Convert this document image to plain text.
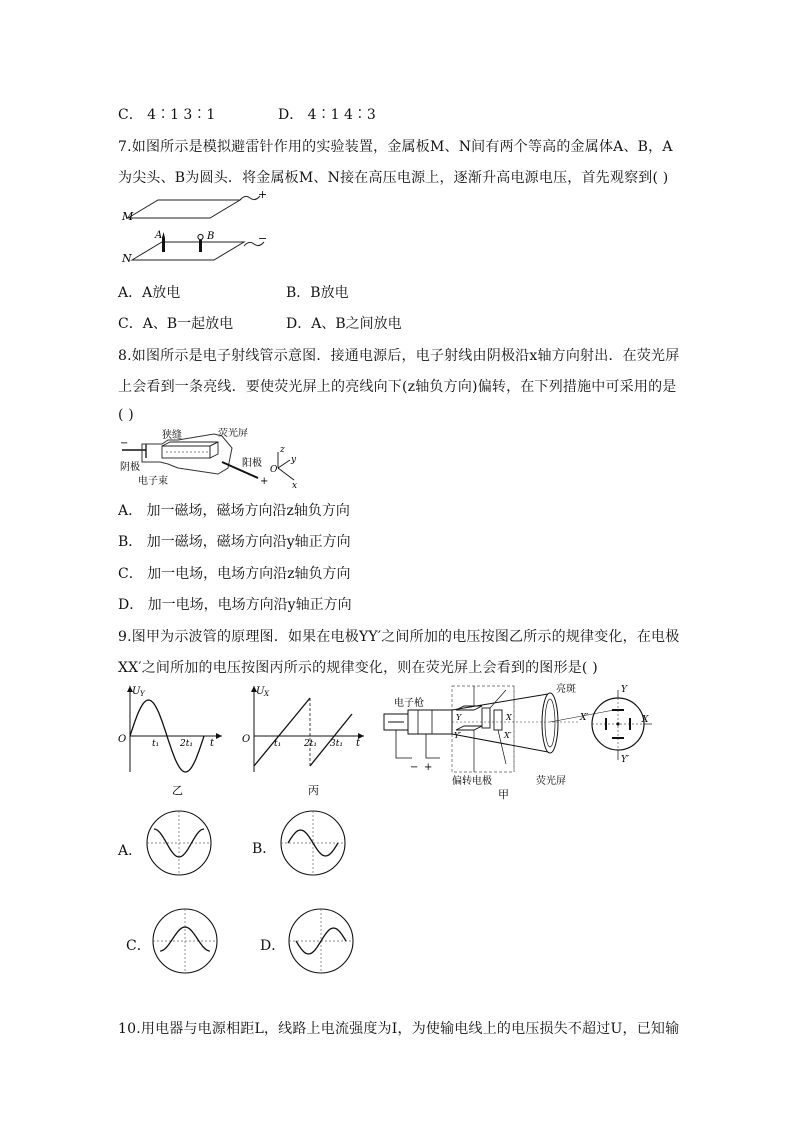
C． 4∶1 3∶1	D． 4∶1 4∶3
7.如图所示是模拟避雷针作用的实验装置，金属板M、N间有两个等高的金属体A、B，A
为尖头、B为圆头．将金属板M、N接在高压电源上，逐渐升高电源电压，首先观察到( )
M
N
A	B
+
−
A．A放电	B．B放电
C．A、B一起放电	D．A、B之间放电
8.如图所示是电子射线管示意图．接通电源后，电子射线由阴极沿x轴方向射出．在荧光屏
上会看到一条亮线．要使荧光屏上的亮线向下(z轴负方向)偏转，在下列措施中可采用的是
( )
狭缝	荧光屏
阴极
电子束
阳极
−
+
z
y
x
O
A． 加一磁场，磁场方向沿z轴负方向
B． 加一磁场，磁场方向沿y轴正方向
C． 加一电场，电场方向沿z轴负方向
D． 加一电场，电场方向沿y轴正方向
9.图甲为示波管的原理图．如果在电极YY′之间所加的电压按图乙所示的规律变化，在电极
XX′之间所加的电压按图丙所示的规律变化，则在荧光屏上会看到的图形是( )
U Y
O	t₁ 2t₁ t
乙
U X
O	t₁	2t₁ 3t₁ t
丙
电子枪
亮斑
偏转电极	荧光屏
Y
Y′
X
X′
Y
Y′
X
X′
− +
甲
A．	B．
C．	D．
10.用电器与电源相距L，线路上电流强度为I，为使输电线上的电压损失不超过U，已知输
